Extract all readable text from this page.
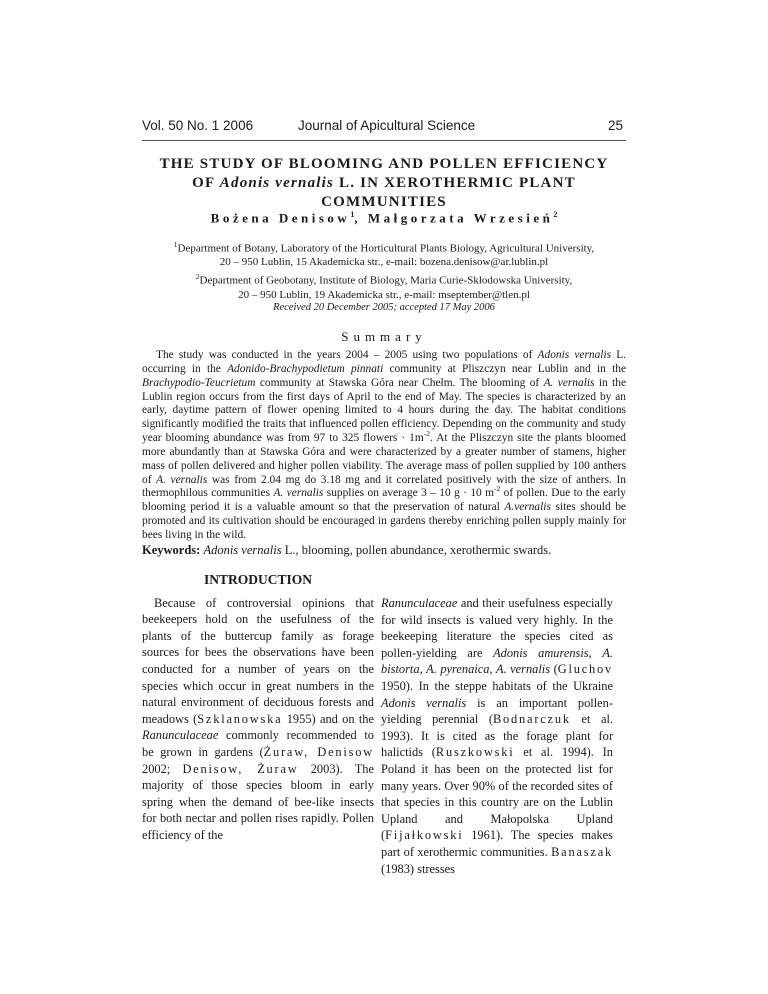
Vol. 50 No. 1 2006	Journal of Apicultural Science	25
THE STUDY OF BLOOMING AND POLLEN EFFICIENCY
OF Adonis vernalis L. IN XEROTHERMIC PLANT
COMMUNITIES
Bożena Denisow$^1$, Małgorzata Wrzesień$^2$
$^1$Department of Botany, Laboratory of the Horticultural Plants Biology, Agricultural University,
20 – 950 Lublin, 15 Akademicka str., e-mail: bozena.denisow@ar.lublin.pl
$^2$Department of Geobotany, Institute of Biology, Maria Curie-Skłodowska University,
20 – 950 Lublin, 19 Akademicka str., e-mail: mseptember@tlen.pl
Received 20 December 2005; accepted 17 May 2006
Summary

The study was conducted in the years 2004 – 2005 using two populations of Adonis vernalis L. occurring in the Adonido-Brachypodietum pinnati community at Pliszczyn near Lublin and in the Brachypodio-Teucrietum community at Stawska Góra near Chełm. The blooming of A. vernalis in the Lublin region occurs from the first days of April to the end of May. The species is characterized by an early, daytime pattern of flower opening limited to 4 hours during the day. The habitat conditions significantly modified the traits that influenced pollen efficiency. Depending on the community and study year blooming abundance was from 97 to 325 flowers · $1m^{-2}$. At the Pliszczyn site the plants bloomed more abundantly than at Stawska Góra and were characterized by a greater number of stamens, higher mass of pollen delivered and higher pollen viability. The average mass of pollen supplied by 100 anthers of A. vernalis was from 2.04 mg do 3.18 mg and it correlated positively with the size of anthers. In thermophilous communities A. vernalis supplies on average 3 – 10 g · 10 $m^{-2}$ of pollen. Due to the early blooming period it is a valuable amount so that the preservation of natural A.vernalis sites should be promoted and its cultivation should be encouraged in gardens thereby enriching pollen supply mainly for bees living in the wild.

Keywords: Adonis vernalis L., blooming, pollen abundance, xerothermic swards.
INTRODUCTION

Because of controversial opinions that beekeepers hold on the usefulness of the plants of the buttercup family as forage sources for bees the observations have been conducted for a number of years on the species which occur in great numbers in the natural environment of deciduous forests and meadows (Szklanowska 1955) and on the Ranunculaceae commonly recommended to be grown in gardens (Żuraw, Denisow 2002; Denisow, Żuraw 2003). The majority of those species bloom in early spring when the demand of bee-like insects for both nectar and pollen rises rapidly. Pollen efficiency of the

Ranunculaceae and their usefulness especially for wild insects is valued very highly. In the beekeeping literature the species cited as pollen-yielding are Adonis amurensis, A. bistorta, A. pyrenaica, A. vernalis (Gluchov 1950). In the steppe habitats of the Ukraine Adonis vernalis is an important pollen-yielding perennial (Bodnarczuk et al. 1993). It is cited as the forage plant for halictids (Ruszkowski et al. 1994). In Poland it has been on the protected list for many years. Over 90% of the recorded sites of that species in this country are on the Lublin Upland and Małopolska Upland (Fijałkowski 1961). The species makes part of xerothermic communities. Banaszak (1983) stresses
